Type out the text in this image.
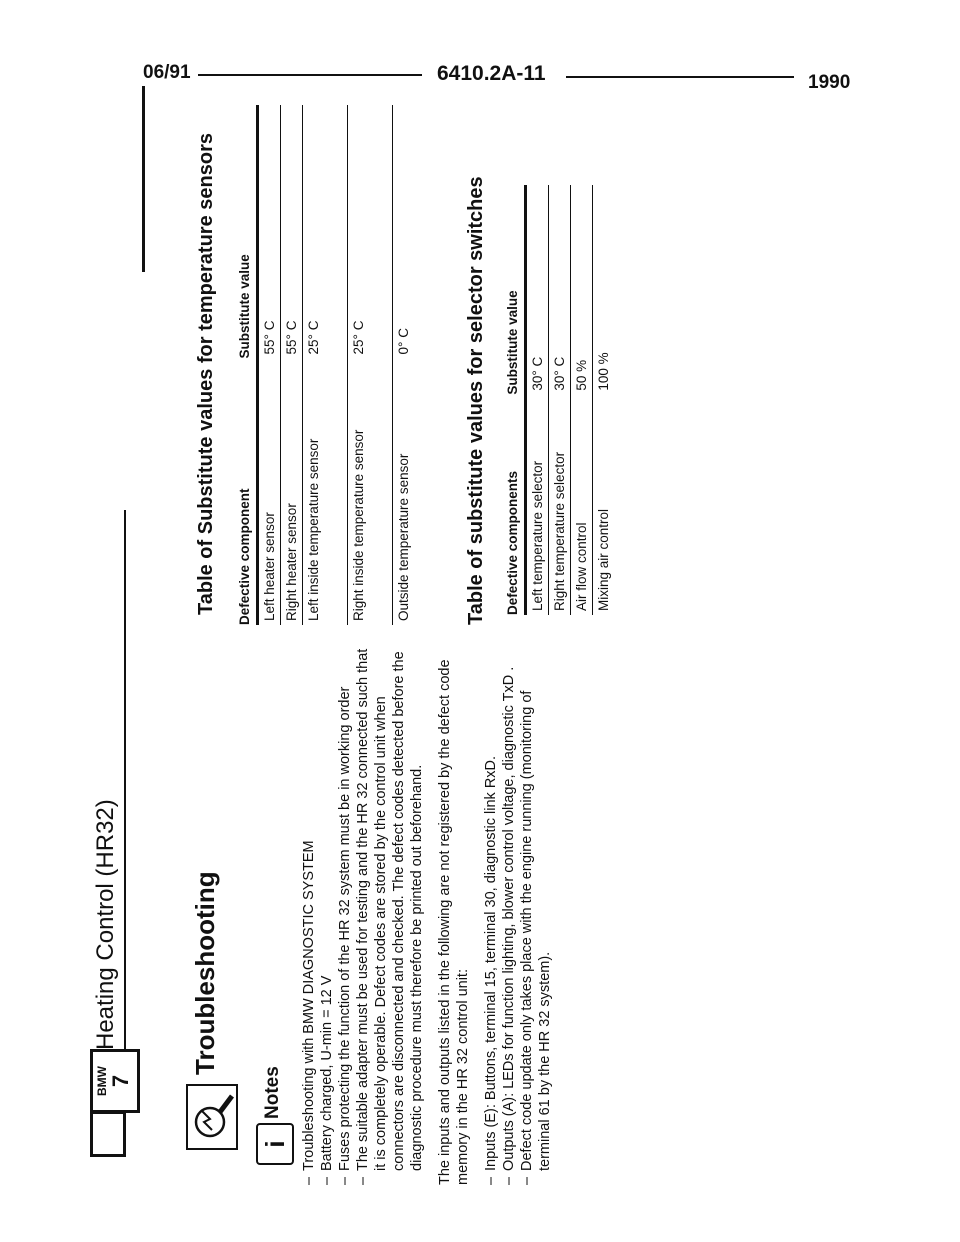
06/91	6410.2A-11	1990
BMW 7
Heating Control (HR32)	Troubleshooting
i
Notes – Troubleshooting with BMW DIAGNOSTIC SYSTEM – Battery charged, U-min = 12 V – Fuses protecting the function of the HR 32 system must be in working order – The suitable adapter must be used for testing and the HR 32 connected such that it is completely operable. Defect codes are stored by the control unit when connectors are disconnected and checked. The defect codes detected before the diagnostic procedure must therefore be printed out beforehand. The inputs and outputs listed in the following are not registered by the defect code memory in the HR 32 control unit: – Inputs (E): Buttons, terminal 15, terminal 30, diagnostic link RxD. – Outputs (A): LEDs for function lighting, blower control voltage, diagnostic TxD . – Defect code update only takes place with the engine running (monitoring of terminal 61 by the HR 32 system).
Table of Substitute values for temperature sensors Defective component	Substitute value
Left heater sensor	55° C
Right heater sensor	55° C
Left inside temperature sensor	25° C
Right inside temperature sensor	25° C
Outside temperature sensor	0° C	Table of substitute values for selector switches Defective components	Substitute value
Left temperature selector	30° C
Right temperature selector	30° C
Air flow control	50 %
Mixing air control	100 %
